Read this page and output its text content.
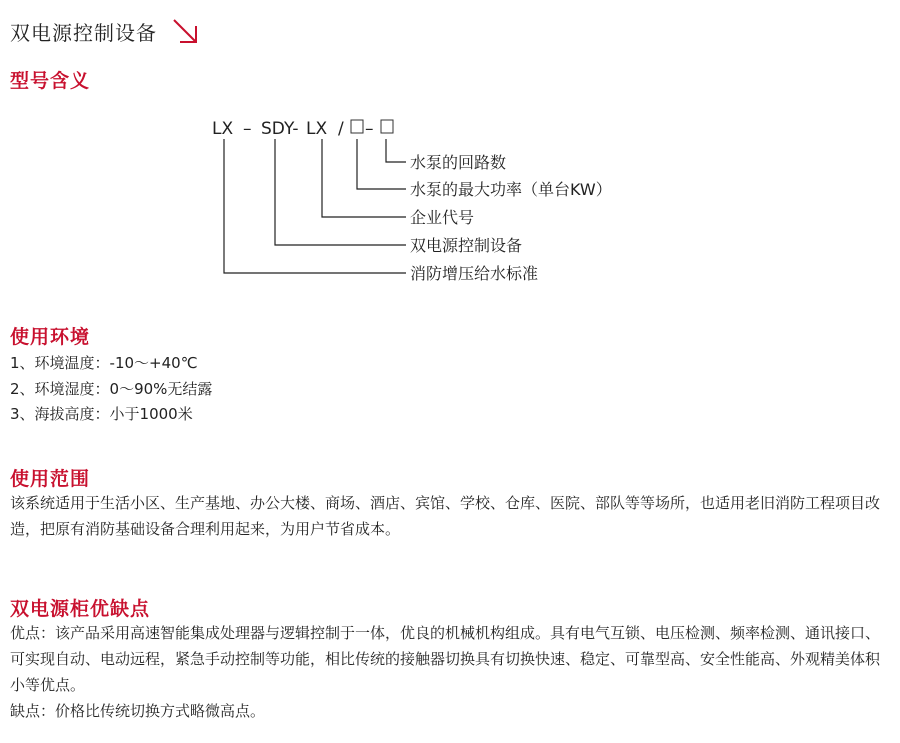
双电源控制设备
型号含义
LX – SDY- LX / –
水泵的回路数
水泵的最大功率（单台KW）
企业代号
双电源控制设备
消防增压给水标准
使用环境
1、环境温度：-10～+40℃
2、环境湿度：0～90%无结露
3、海拔高度：小于1000米
使用范围
该系统适用于生活小区、生产基地、办公大楼、商场、酒店、宾馆、学校、仓库、医院、部队等等场所，也适用老旧消防工程项目改造，把原有消防基础设备合理利用起来，为用户节省成本。
双电源柜优缺点
优点：该产品采用高速智能集成处理器与逻辑控制于一体，优良的机械机构组成。具有电气互锁、电压检测、频率检测、通讯接口、可实现自动、电动远程，紧急手动控制等功能，相比传统的接触器切换具有切换快速、稳定、可靠型高、安全性能高、外观精美体积小等优点。
缺点：价格比传统切换方式略微高点。
